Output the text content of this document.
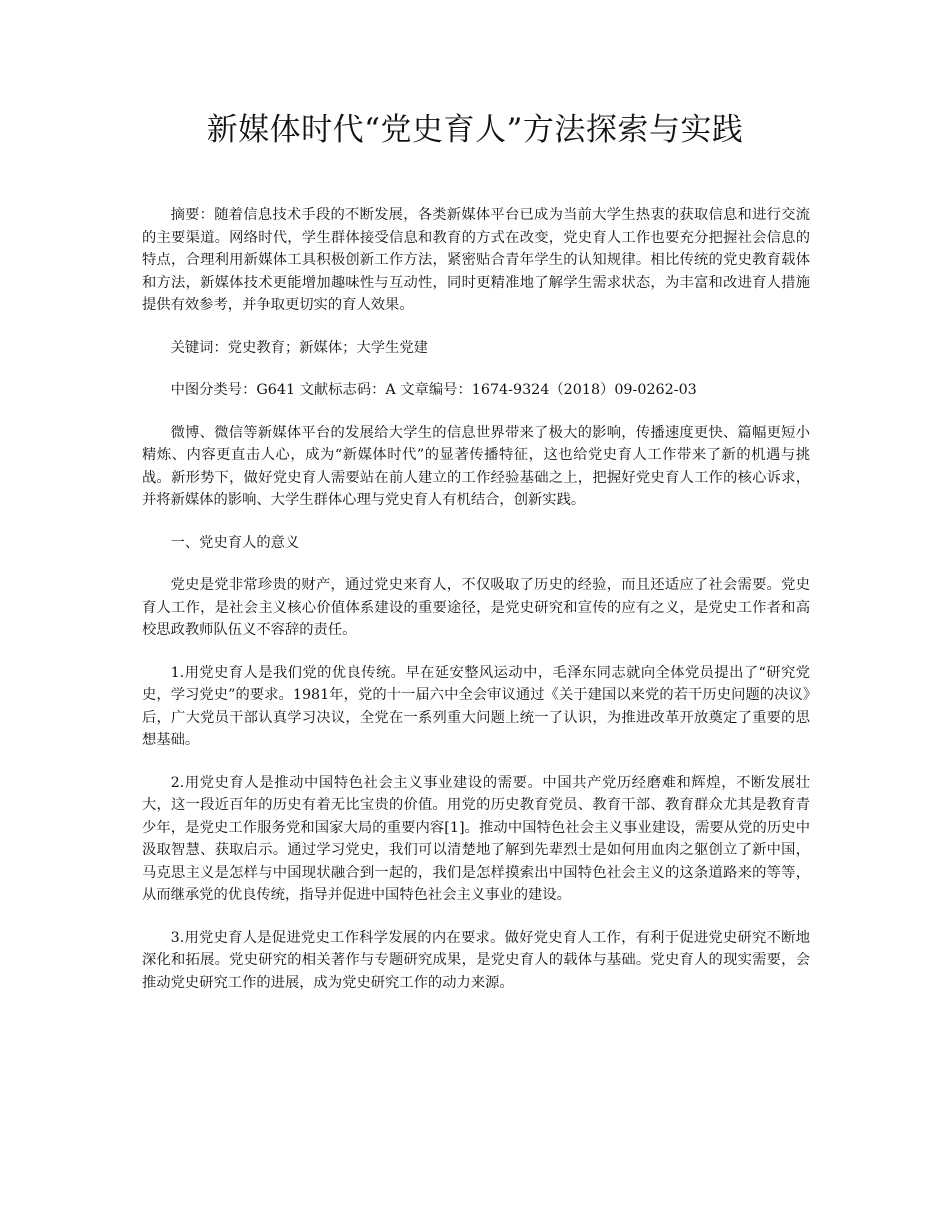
新媒体时代“党史育人”方法探索与实践

摘要：随着信息技术手段的不断发展，各类新媒体平台已成为当前大学生热衷的获取信息和进行交流的主要渠道。网络时代，学生群体接受信息和教育的方式在改变，党史育人工作也要充分把握社会信息的特点，合理利用新媒体工具积极创新工作方法，紧密贴合青年学生的认知规律。相比传统的党史教育载体和方法，新媒体技术更能增加趣味性与互动性，同时更精准地了解学生需求状态，为丰富和改进育人措施提供有效参考，并争取更切实的育人效果。

关键词：党史教育；新媒体；大学生党建

中图分类号：G641 文献标志码：A 文章编号：1674-9324（2018）09-0262-03

微博、微信等新媒体平台的发展给大学生的信息世界带来了极大的影响，传播速度更快、篇幅更短小精炼、内容更直击人心，成为“新媒体时代”的显著传播特征，这也给党史育人工作带来了新的机遇与挑战。新形势下，做好党史育人需要站在前人建立的工作经验基础之上，把握好党史育人工作的核心诉求，并将新媒体的影响、大学生群体心理与党史育人有机结合，创新实践。

一、党史育人的意义

党史是党非常珍贵的财产，通过党史来育人，不仅吸取了历史的经验，而且还适应了社会需要。党史育人工作，是社会主义核心价值体系建设的重要途径，是党史研究和宣传的应有之义，是党史工作者和高校思政教师队伍义不容辞的责任。

1.用党史育人是我们党的优良传统。早在延安整风运动中，毛泽东同志就向全体党员提出了“研究党史，学习党史”的要求。1981年，党的十一届六中全会审议通过《关于建国以来党的若干历史问题的决议》后，广大党员干部认真学习决议，全党在一系列重大问题上统一了认识，为推进改革开放奠定了重要的思想基础。

2.用党史育人是推动中国特色社会主义事业建设的需要。中国共产党历经磨难和辉煌，不断发展壮大，这一段近百年的历史有着无比宝贵的价值。用党的历史教育党员、教育干部、教育群众尤其是教育青少年，是党史工作服务党和国家大局的重要内容[1]。推动中国特色社会主义事业建设，需要从党的历史中汲取智慧、获取启示。通过学习党史，我们可以清楚地了解到先辈烈士是如何用血肉之躯创立了新中国，马克思主义是怎样与中国现状融合到一起的，我们是怎样摸索出中国特色社会主义的这条道路来的等等，从而继承党的优良传统，指导并促进中国特色社会主义事业的建设。

3.用党史育人是促进党史工作科学发展的内在要求。做好党史育人工作，有利于促进党史研究不断地深化和拓展。党史研究的相关著作与专题研究成果，是党史育人的载体与基础。党史育人的现实需要，会推动党史研究工作的进展，成为党史研究工作的动力来源。
